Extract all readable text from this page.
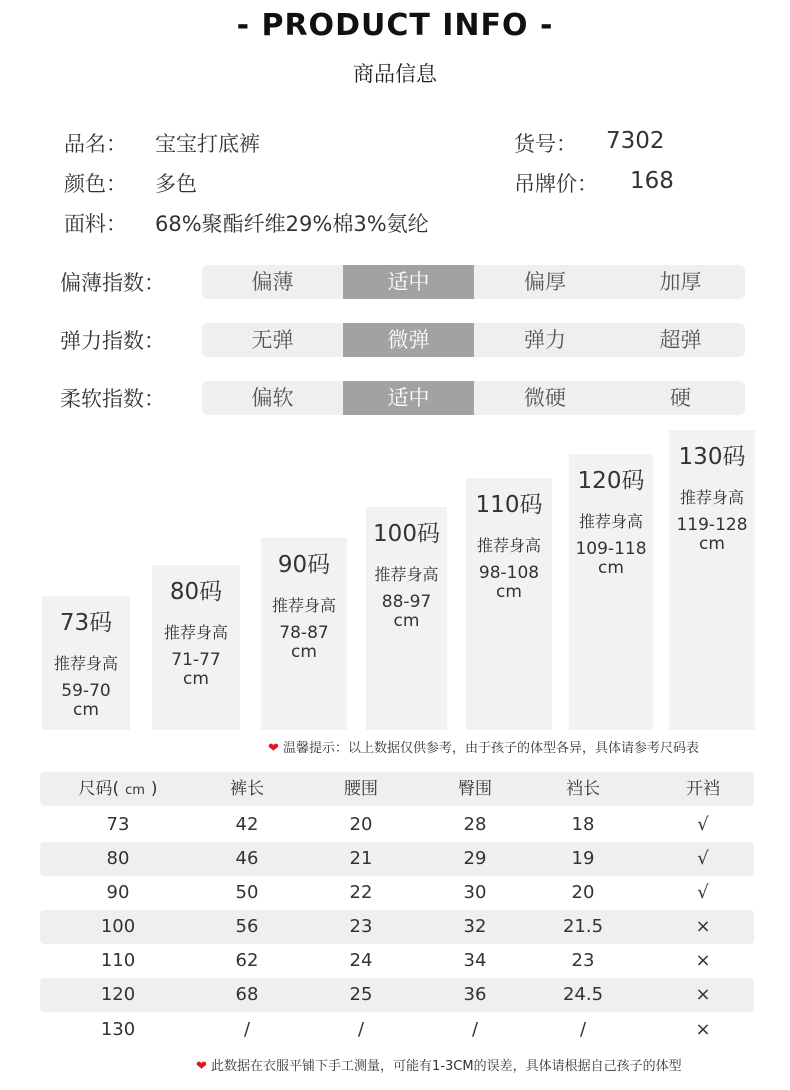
- PRODUCT INFO -
商品信息
品名： 宝宝打底裤	货号： 7302
颜色： 多色	吊牌价： 168
面料： 68%聚酯纤维29%棉3%氨纶
偏薄指数：	偏薄	适中	偏厚	加厚
弹力指数：	无弹	微弹	弹力	超弹
柔软指数：	偏软	适中	微硬	硬
73码
推荐身高
59-70
cm
80码
推荐身高
71-77
cm
90码
推荐身高
78-87
cm
100码
推荐身高
88-97
cm
110码
推荐身高
98-108
cm
120码
推荐身高
109-118
cm
130码
推荐身高
119-128
cm
❤ 温馨提示：以上数据仅供参考，由于孩子的体型各异，具体请参考尺码表
尺码( cm )	裤长	腰围	臀围	裆长	开裆
73	42	20	28	18	√
80	46	21	29	19	√
90	50	22	30	20	√
100	56	23	32	21.5	×
110	62	24	34	23	×
120	68	25	36	24.5	×
130	/	/	/	/	×
❤ 此数据在衣服平铺下手工测量，可能有1-3CM的误差，具体请根据自己孩子的体型
